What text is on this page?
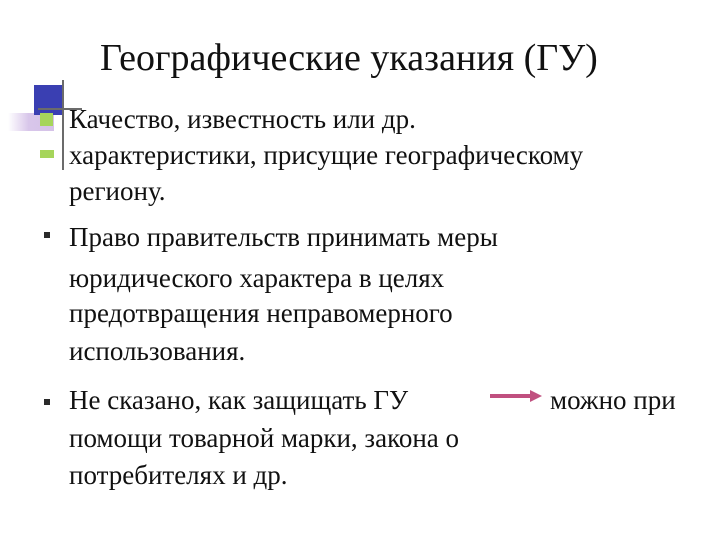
Географические указания (ГУ)
Качество, известность или др.
характеристики, присущие географическому
региону.
Право правительств принимать меры
юридического характера в целях
предотвращения неправомерного
использования.
Не сказано, как защищать ГУ	можно при
помощи товарной марки, закона о
потребителях и др.
